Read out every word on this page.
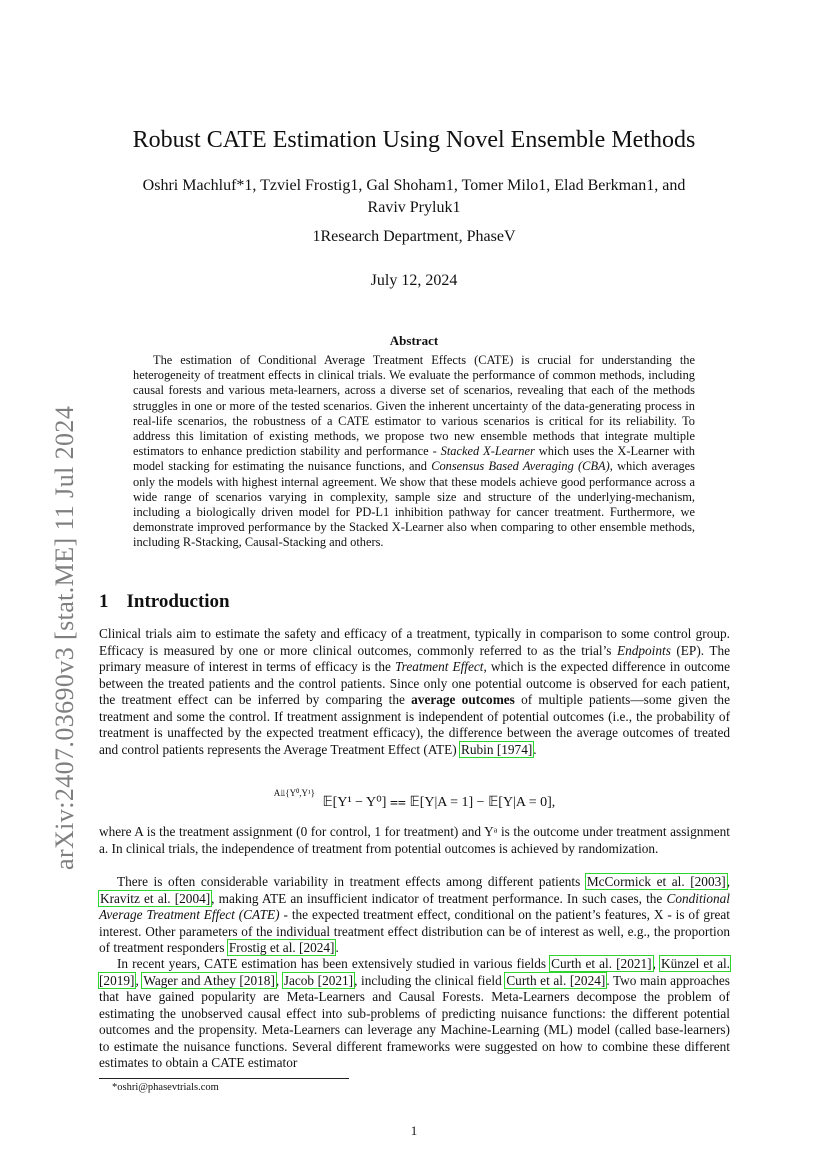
arXiv:2407.03690v3 [stat.ME] 11 Jul 2024
Robust CATE Estimation Using Novel Ensemble Methods
Oshri Machluf*1, Tzviel Frostig1, Gal Shoham1, Tomer Milo1, Elad Berkman1, and
Raviv Pryluk1
1Research Department, PhaseV
July 12, 2024
Abstract
The estimation of Conditional Average Treatment Effects (CATE) is crucial for understanding the heterogeneity of treatment effects in clinical trials. We evaluate the performance of common methods, including causal forests and various meta-learners, across a diverse set of scenarios, revealing that each of the methods struggles in one or more of the tested scenarios. Given the inherent uncertainty of the data-generating process in real-life scenarios, the robustness of a CATE estimator to various scenarios is critical for its reliability. To address this limitation of existing methods, we propose two new ensemble methods that integrate multiple estimators to enhance prediction stability and performance - Stacked X-Learner which uses the X-Learner with model stacking for estimating the nuisance functions, and Consensus Based Averaging (CBA), which averages only the models with highest internal agreement. We show that these models achieve good performance across a wide range of scenarios varying in complexity, sample size and structure of the underlying-mechanism, including a biologically driven model for PD-L1 inhibition pathway for cancer treatment. Furthermore, we demonstrate improved performance by the Stacked X-Learner also when comparing to other ensemble methods, including R-Stacking, Causal-Stacking and others.
1 Introduction
Clinical trials aim to estimate the safety and efficacy of a treatment, typically in comparison to some control group. Efficacy is measured by one or more clinical outcomes, commonly referred to as the trial’s Endpoints (EP). The primary measure of interest in terms of efficacy is the Treatment Effect, which is the expected difference in outcome between the treated patients and the control patients. Since only one potential outcome is observed for each patient, the treatment effect can be inferred by comparing the average outcomes of multiple patients—some given the treatment and some the control. If treatment assignment is independent of potential outcomes (i.e., the probability of treatment is unaffected by the expected treatment efficacy), the difference between the average outcomes of treated and control patients represents the Average Treatment Effect (ATE) Rubin [1974].
$^{A⫫\{Y^0,Y^1\}}$ 𝔼[Y¹ − Y⁰] ⩵ 𝔼[Y|A = 1] − 𝔼[Y|A = 0],
where A is the treatment assignment (0 for control, 1 for treatment) and Yᵃ is the outcome under treatment assignment a. In clinical trials, the independence of treatment from potential outcomes is achieved by randomization.
There is often considerable variability in treatment effects among different patients McCormick et al. [2003], Kravitz et al. [2004], making ATE an insufficient indicator of treatment performance. In such cases, the Conditional Average Treatment Effect (CATE) - the expected treatment effect, conditional on the patient’s features, X - is of great interest. Other parameters of the individual treatment effect distribution can be of interest as well, e.g., the proportion of treatment responders Frostig et al. [2024].
In recent years, CATE estimation has been extensively studied in various fields Curth et al. [2021], Künzel et al. [2019], Wager and Athey [2018], Jacob [2021], including the clinical field Curth et al. [2024]. Two main approaches that have gained popularity are Meta-Learners and Causal Forests. Meta-Learners decompose the problem of estimating the unobserved causal effect into sub-problems of predicting nuisance functions: the different potential outcomes and the propensity. Meta-Learners can leverage any Machine-Learning (ML) model (called base-learners) to estimate the nuisance functions. Several different frameworks were suggested on how to combine these different estimates to obtain a CATE estimator
*oshri@phasevtrials.com
1
